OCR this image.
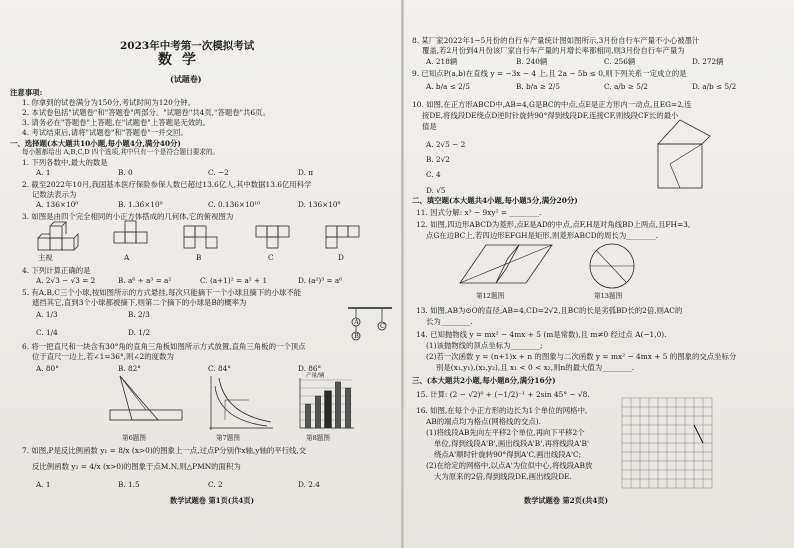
2023年中考第一次模拟考试
数学
(试题卷)
注意事项:
1. 你拿到的试卷满分为150分,考试时间为120分钟。
2. 本试卷包括"试题卷"和"答题卷"两部分。"试题卷"共4页,"答题卷"共6页。
3. 请务必在"答题卷"上答题,在"试题卷"上答题是无效的。
4. 考试结束后,请将"试题卷"和"答题卷"一并交回。
一、选择题(本大题共10小题,每小题4分,满分40分)
每小题都给出 A,B,C,D 四个选项,其中只有一个是符合题目要求的。
1. 下列各数中,最大的数是
A. 1	B. 0	C. −2	D. π
2. 截至2022年10月,我国基本医疗保险参保人数已超过13.6亿人,其中数据13.6亿用科学
记数法表示为
A. 136×10⁸	B. 1.36×10⁹	C. 0.136×10¹⁰	D. 136×10⁸
3. 如图是由四个完全相同的小正方体搭成的几何体,它的俯视图为
主视	A	B	C	D
4. 下列计算正确的是
A. 2√3 − √3 = 2	B. a⁶ ÷ a³ = a²	C. (a+1)² = a² + 1	D. (a²)³ = a⁶
5. 有A,B,C三个小球,按如图所示的方式悬挂,每次只能摘下一个小球且摘下的小球不能
遮挡其它,直到3个小球都被摘下,则第二个摘下的小球是B的概率为
A. 1/3	B. 2/3
C. 1/4	D. 1/2
A
B
C
6. 将一把直尺和一块含有30°角的直角三角板如图所示方式放置,直角三角板的一个顶点
位于直尺一边上,若∠1=36°,则∠2的度数为
A. 80°	B. 82°	C. 84°	D. 86°
产量/辆
第6题图	第7题图	第8题图
7. 如图,P是反比例函数 y₁ = 8/x (x>0)的图象上一点,过点P分别作x轴,y轴的平行线,交
反比例函数 y₂ = 4/x (x>0)的图象于点M,N,则△PMN的面积为
A. 1	B. 1.5	C. 2	D. 2.4
数学试题卷 第1页(共4页)
8. 某厂家2022年1~5月份的自行车产量统计图如图所示,3月份自行车产量不小心被墨汁
覆盖,若2月份到4月份该厂家自行车产量的月增长率都相同,则3月份自行车产量为
A. 218辆	B. 240辆	C. 256辆	D. 272辆
9. 已知点P(a,b)在直线 y = −3x − 4 上,且 2a − 5b ≤ 0,则下列关系一定成立的是
A. b/a ≤ 2/5	B. b/a ≥ 2/5	C. a/b ≥ 5/2	D. a/b ≤ 5/2
10. 如图,在正方形ABCD中,AB=4,G是BC的中点,点E是正方形内一动点,且EG=2,连
接DE,将线段DE绕点D逆时针旋转90°得到线段DF,连接CF,则线段CF长的最小
值是
A. 2√5 − 2
B. 2√2
C. 4
D. √5
二、填空题(本大题共4小题,每小题5分,满分20分)
11. 因式分解: x³ − 9xy² = ________.
12. 如图,四边形ABCD为菱形,点E是AD的中点,点F,H是对角线BD上两点,且FH=3,
点G在边BC上,若四边形EFGH是矩形,则菱形ABCD的周长为________.
第12题图	第13题图
13. 如图,AB为⊙O的直径,AB=4,CD=2√2,且BC的长是劣弧BD长的2倍,则AC的
长为________.
14. 已知抛物线 y = mx² − 4mx + 5 (m是常数),且 m≠0 经过点 A(−1,0).
(1)该抛物线的顶点坐标为________;
(2)若一次函数 y = (n+1)x + n 的图象与二次函数 y = mx² − 4mx + 5 的图象的交点坐标分
别是(x₁,y₁),(x₂,y₂),且 x₁ < 0 < x₂,则n的最大值为________.
三、(本大题共2小题,每小题8分,满分16分)
15. 计算: (2 − √2)⁰ + (−1/2)⁻¹ + 2sin 45° − √8.
16. 如图,在每个小正方形的边长为1个单位的网格中,
AB的端点均为格点(网格线的交点).
(1)将线段AB先向左平移2个单位,再向下平移2个
单位,得到线段A'B',画出线段A'B',再将线段A'B'
绕点A'顺时针旋转90°得到A'C,画出线段A'C;
(2)在给定的网格中,以点A'为位似中心,将线段AB放
大为原来的2倍,得到线段DE,画出线段DE.
数学试题卷 第2页(共4页)
